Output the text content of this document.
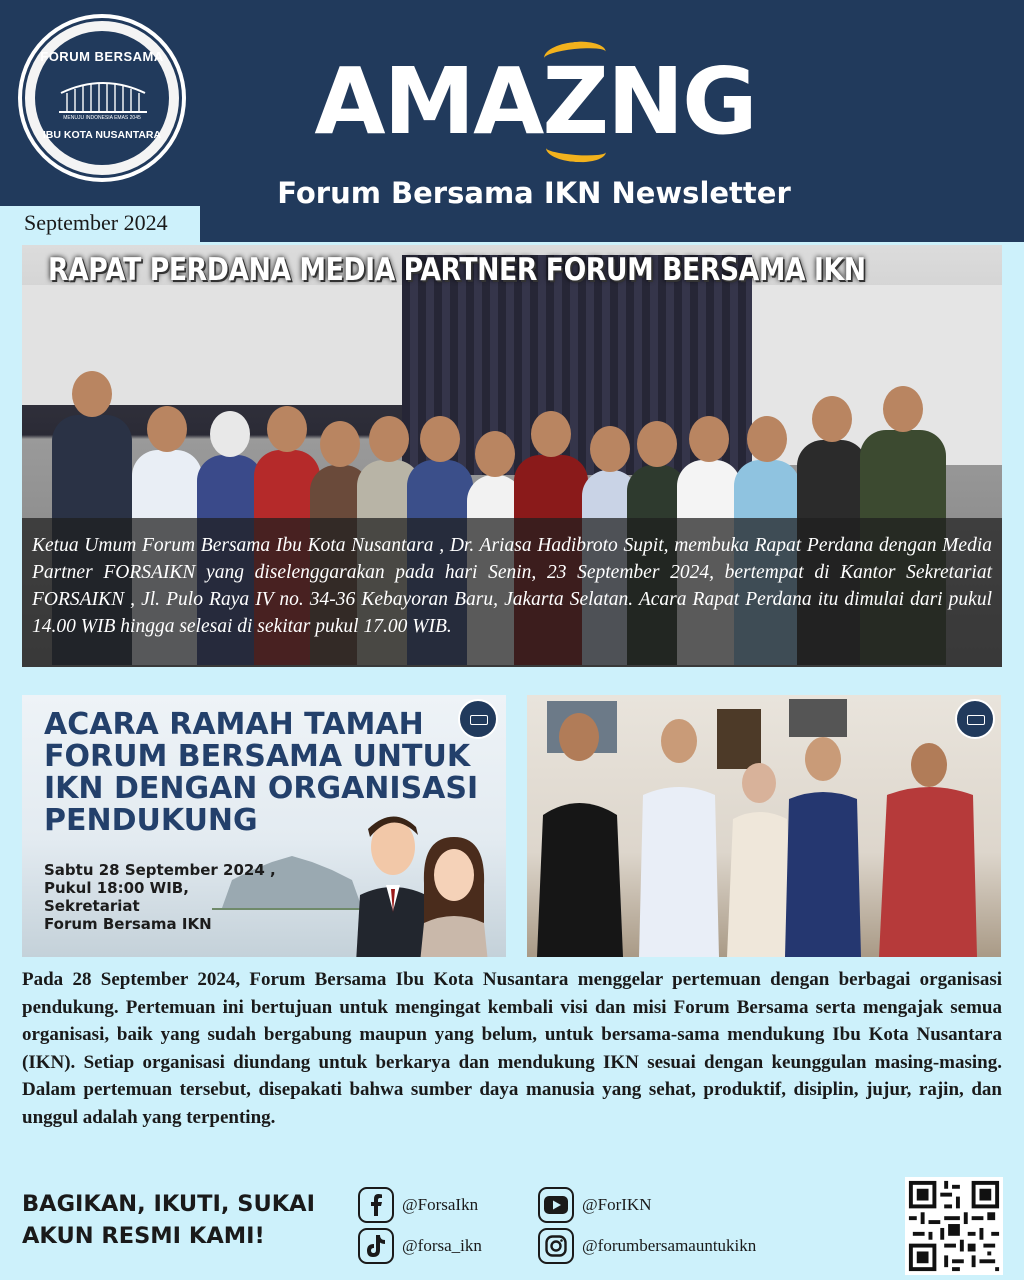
FORUM BERSAMA
MENUJU INDONESIA EMAS 2045
IBU KOTA NUSANTARA AMAZNG
Forum Bersama IKN Newsletter
September 2024
RAPAT PERDANA MEDIA PARTNER FORUM BERSAMA IKN
Ketua Umum Forum Bersama Ibu Kota Nusantara , Dr. Ariasa Hadibroto Supit, membuka Rapat Perdana dengan Media Partner FORSAIKN yang diselenggarakan pada hari Senin, 23 September 2024, bertempat di Kantor Sekretariat FORSAIKN , Jl. Pulo Raya IV no. 34-36 Kebayoran Baru, Jakarta Selatan. Acara Rapat Perdana itu dimulai dari pukul 14.00 WIB hingga selesai di sekitar pukul 17.00 WIB.
ACARA RAMAH TAMAH FORUM BERSAMA UNTUK IKN DENGAN ORGANISASI PENDUKUNG
Sabtu 28 September 2024 ,
Pukul 18:00 WIB,
Sekretariat
Forum Bersama IKN
Pada 28 September 2024, Forum Bersama Ibu Kota Nusantara menggelar pertemuan dengan berbagai organisasi pendukung. Pertemuan ini bertujuan untuk mengingat kembali visi dan misi Forum Bersama serta mengajak semua organisasi, baik yang sudah bergabung maupun yang belum, untuk bersama-sama mendukung Ibu Kota Nusantara (IKN). Setiap organisasi diundang untuk berkarya dan mendukung IKN sesuai dengan keunggulan masing-masing. Dalam pertemuan tersebut, disepakati bahwa sumber daya manusia yang sehat, produktif, disiplin, jujur, rajin, dan unggul adalah yang terpenting.
BAGIKAN, IKUTI, SUKAI
AKUN RESMI KAMI!
@ForsaIkn	@ForIKN
@forsa_ikn	@forumbersamauntukikn
